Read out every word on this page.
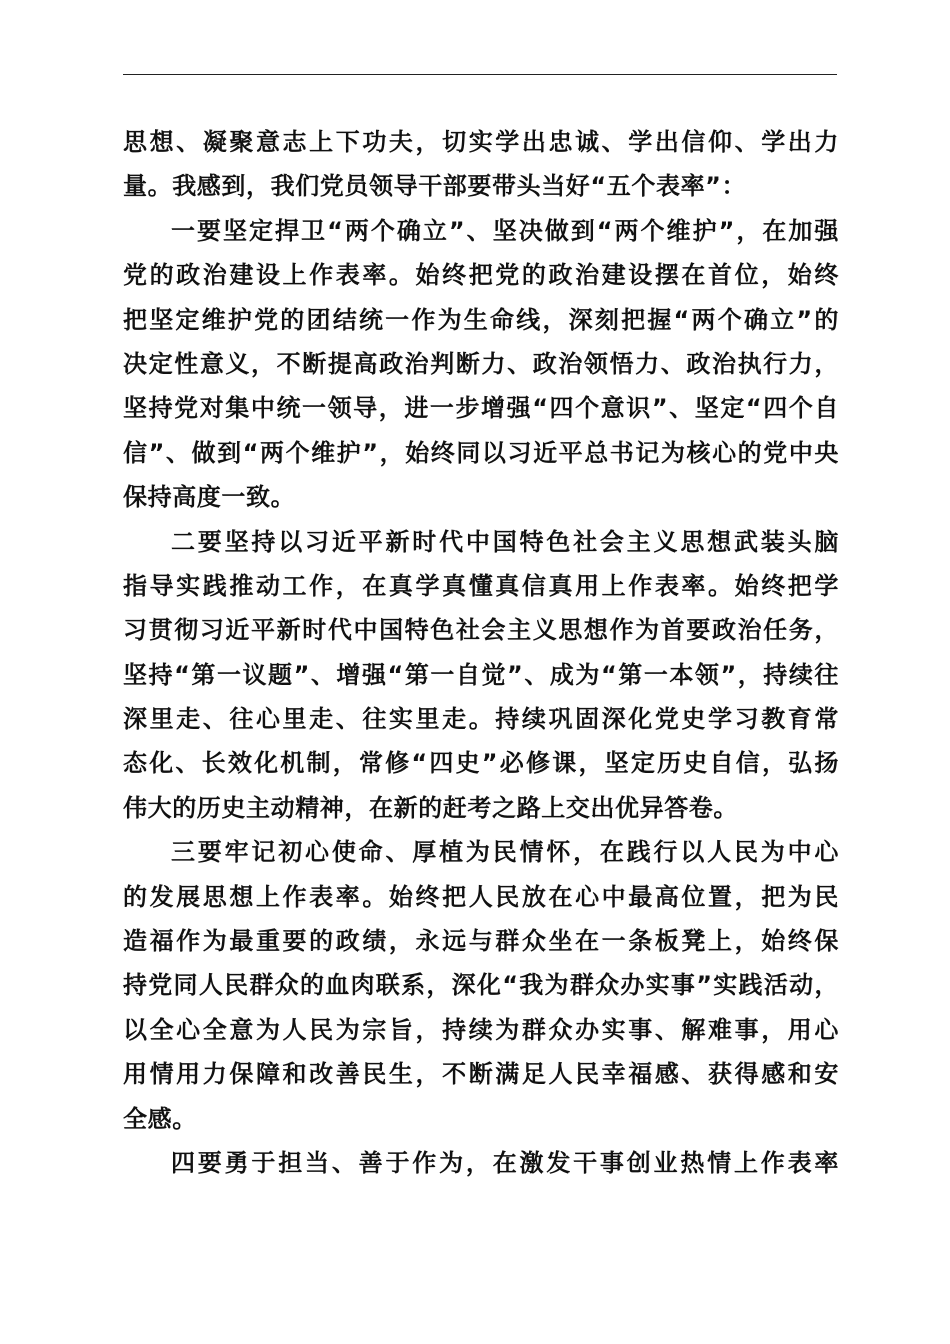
思想、凝聚意志上下功夫，切实学出忠诚、学出信仰、学出力
量。我感到，我们党员领导干部要带头当好“五个表率”：
一要坚定捍卫“两个确立”、坚决做到“两个维护”，在加强
党的政治建设上作表率。始终把党的政治建设摆在首位，始终
把坚定维护党的团结统一作为生命线，深刻把握“两个确立”的
决定性意义，不断提高政治判断力、政治领悟力、政治执行力，
坚持党对集中统一领导，进一步增强“四个意识”、坚定“四个自
信”、做到“两个维护”，始终同以习近平总书记为核心的党中央
保持高度一致。
二要坚持以习近平新时代中国特色社会主义思想武装头脑
指导实践推动工作，在真学真懂真信真用上作表率。始终把学
习贯彻习近平新时代中国特色社会主义思想作为首要政治任务，
坚持“第一议题”、增强“第一自觉”、成为“第一本领”，持续往
深里走、往心里走、往实里走。持续巩固深化党史学习教育常
态化、长效化机制，常修“四史”必修课，坚定历史自信，弘扬
伟大的历史主动精神，在新的赶考之路上交出优异答卷。
三要牢记初心使命、厚植为民情怀，在践行以人民为中心
的发展思想上作表率。始终把人民放在心中最高位置，把为民
造福作为最重要的政绩，永远与群众坐在一条板凳上，始终保
持党同人民群众的血肉联系，深化“我为群众办实事”实践活动，
以全心全意为人民为宗旨，持续为群众办实事、解难事，用心
用情用力保障和改善民生，不断满足人民幸福感、获得感和安
全感。
四要勇于担当、善于作为，在激发干事创业热情上作表率
